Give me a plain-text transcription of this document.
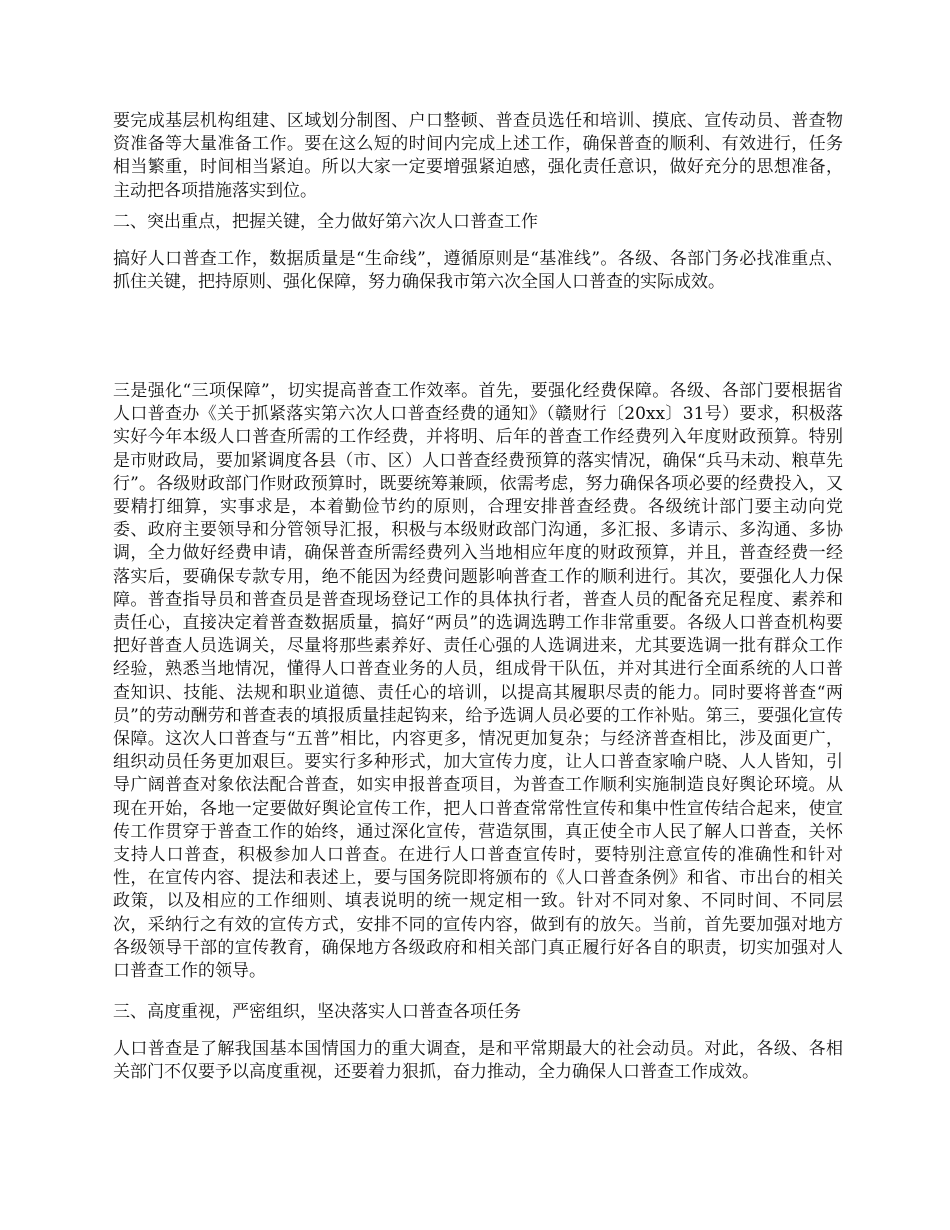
要完成基层机构组建、区域划分制图、户口整顿、普查员选任和培训、摸底、宣传动员、普查物资准备等大量准备工作。要在这么短的时间内完成上述工作，确保普查的顺利、有效进行，任务相当繁重，时间相当紧迫。所以大家一定要增强紧迫感，强化责任意识，做好充分的思想准备，主动把各项措施落实到位。

二、突出重点，把握关键，全力做好第六次人口普查工作

搞好人口普查工作，数据质量是“生命线”，遵循原则是“基准线”。各级、各部门务必找准重点、抓住关键，把持原则、强化保障，努力确保我市第六次全国人口普查的实际成效。

三是强化“三项保障”，切实提高普查工作效率。首先，要强化经费保障。各级、各部门要根据省人口普查办《关于抓紧落实第六次人口普查经费的通知》（赣财行〔20xx〕31号）要求，积极落实好今年本级人口普查所需的工作经费，并将明、后年的普查工作经费列入年度财政预算。特别是市财政局，要加紧调度各县（市、区）人口普查经费预算的落实情况，确保“兵马未动、粮草先行”。各级财政部门作财政预算时，既要统筹兼顾，依需考虑，努力确保各项必要的经费投入，又要精打细算，实事求是，本着勤俭节约的原则，合理安排普查经费。各级统计部门要主动向党委、政府主要领导和分管领导汇报，积极与本级财政部门沟通，多汇报、多请示、多沟通、多协调，全力做好经费申请，确保普查所需经费列入当地相应年度的财政预算，并且，普查经费一经落实后，要确保专款专用，绝不能因为经费问题影响普查工作的顺利进行。其次，要强化人力保障。普查指导员和普查员是普查现场登记工作的具体执行者，普查人员的配备充足程度、素养和责任心，直接决定着普查数据质量，搞好“两员”的选调选聘工作非常重要。各级人口普查机构要把好普查人员选调关，尽量将那些素养好、责任心强的人选调进来，尤其要选调一批有群众工作经验，熟悉当地情况，懂得人口普查业务的人员，组成骨干队伍，并对其进行全面系统的人口普查知识、技能、法规和职业道德、责任心的培训，以提高其履职尽责的能力。同时要将普查“两员”的劳动酬劳和普查表的填报质量挂起钩来，给予选调人员必要的工作补贴。第三，要强化宣传保障。这次人口普查与“五普”相比，内容更多，情况更加复杂；与经济普查相比，涉及面更广，组织动员任务更加艰巨。要实行多种形式，加大宣传力度，让人口普查家喻户晓、人人皆知，引导广阔普查对象依法配合普查，如实申报普查项目，为普查工作顺利实施制造良好舆论环境。从现在开始，各地一定要做好舆论宣传工作，把人口普查常常性宣传和集中性宣传结合起来，使宣传工作贯穿于普查工作的始终，通过深化宣传，营造氛围，真正使全市人民了解人口普查，关怀支持人口普查，积极参加人口普查。在进行人口普查宣传时，要特别注意宣传的准确性和针对性，在宣传内容、提法和表述上，要与国务院即将颁布的《人口普查条例》和省、市出台的相关政策，以及相应的工作细则、填表说明的统一规定相一致。针对不同对象、不同时间、不同层次，采纳行之有效的宣传方式，安排不同的宣传内容，做到有的放矢。当前，首先要加强对地方各级领导干部的宣传教育，确保地方各级政府和相关部门真正履行好各自的职责，切实加强对人口普查工作的领导。

三、高度重视，严密组织，坚决落实人口普查各项任务

人口普查是了解我国基本国情国力的重大调查，是和平常期最大的社会动员。对此，各级、各相关部门不仅要予以高度重视，还要着力狠抓，奋力推动，全力确保人口普查工作成效。
